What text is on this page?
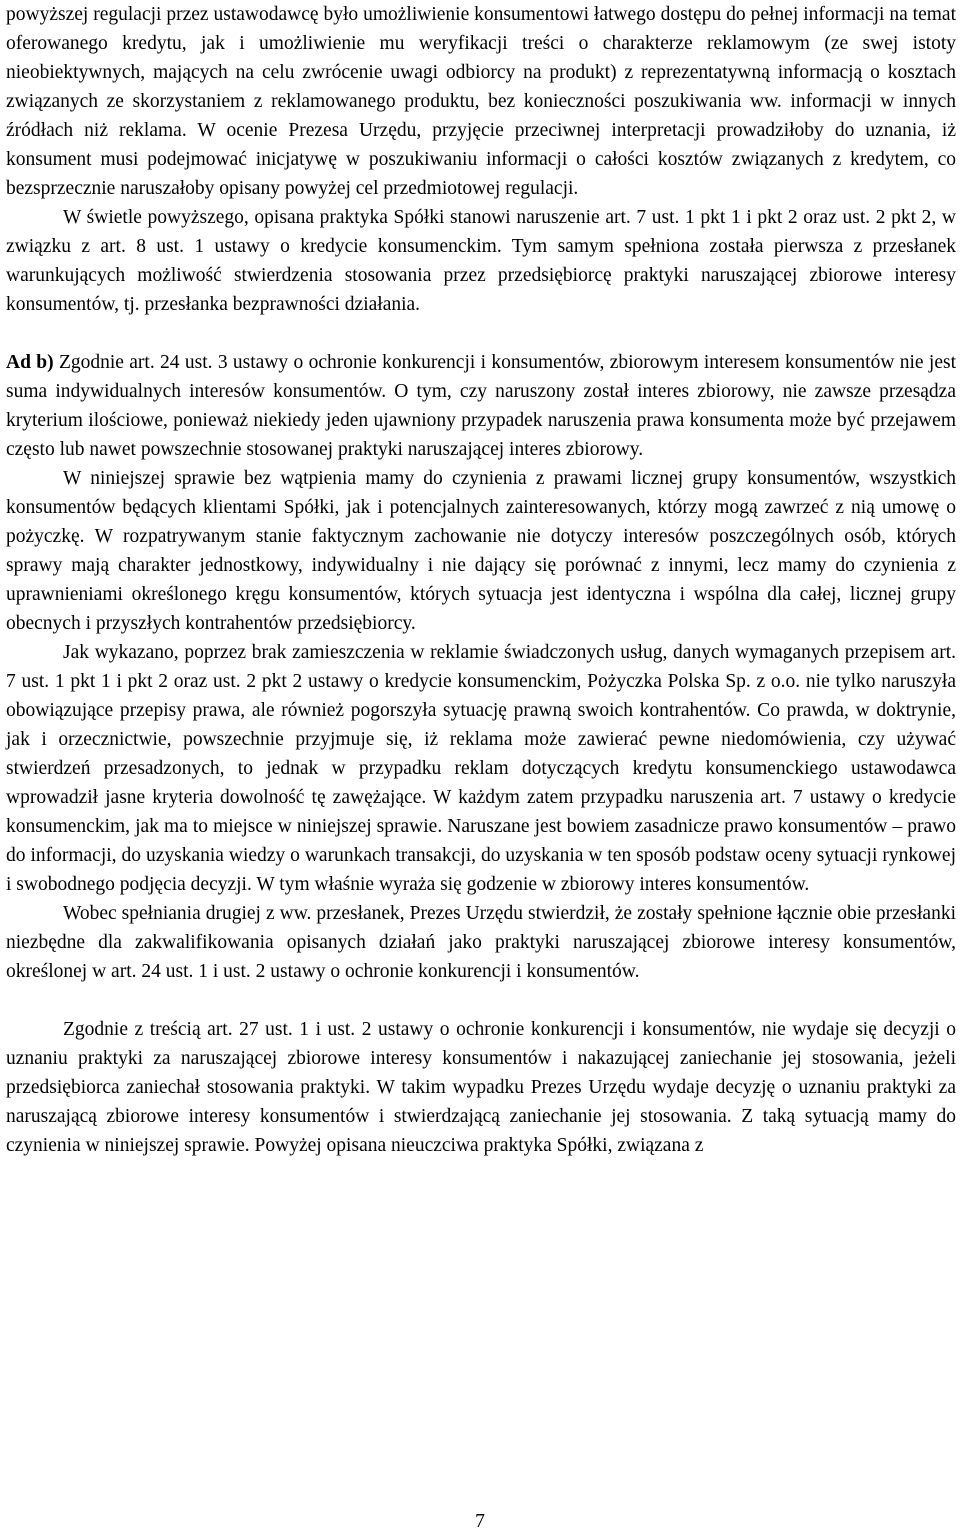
powyższej regulacji przez ustawodawcę było umożliwienie konsumentowi łatwego dostępu do pełnej informacji na temat oferowanego kredytu, jak i umożliwienie mu weryfikacji treści o charakterze reklamowym (ze swej istoty nieobiektywnych, mających na celu zwrócenie uwagi odbiorcy na produkt) z reprezentatywną informacją o kosztach związanych ze skorzystaniem z reklamowanego produktu, bez konieczności poszukiwania ww. informacji w innych źródłach niż reklama. W ocenie Prezesa Urzędu, przyjęcie przeciwnej interpretacji prowadziłoby do uznania, iż konsument musi podejmować inicjatywę w poszukiwaniu informacji o całości kosztów związanych z kredytem, co bezsprzecznie naruszałoby opisany powyżej cel przedmiotowej regulacji.

W świetle powyższego, opisana praktyka Spółki stanowi naruszenie art. 7 ust. 1 pkt 1 i pkt 2 oraz ust. 2 pkt 2, w związku z art. 8 ust. 1 ustawy o kredycie konsumenckim. Tym samym spełniona została pierwsza z przesłanek warunkujących możliwość stwierdzenia stosowania przez przedsiębiorcę praktyki naruszającej zbiorowe interesy konsumentów, tj. przesłanka bezprawności działania.

Ad b) Zgodnie art. 24 ust. 3 ustawy o ochronie konkurencji i konsumentów, zbiorowym interesem konsumentów nie jest suma indywidualnych interesów konsumentów. O tym, czy naruszony został interes zbiorowy, nie zawsze przesądza kryterium ilościowe, ponieważ niekiedy jeden ujawniony przypadek naruszenia prawa konsumenta może być przejawem często lub nawet powszechnie stosowanej praktyki naruszającej interes zbiorowy.

W niniejszej sprawie bez wątpienia mamy do czynienia z prawami licznej grupy konsumentów, wszystkich konsumentów będących klientami Spółki, jak i potencjalnych zainteresowanych, którzy mogą zawrzeć z nią umowę o pożyczkę. W rozpatrywanym stanie faktycznym zachowanie nie dotyczy interesów poszczególnych osób, których sprawy mają charakter jednostkowy, indywidualny i nie dający się porównać z innymi, lecz mamy do czynienia z uprawnieniami określonego kręgu konsumentów, których sytuacja jest identyczna i wspólna dla całej, licznej grupy obecnych i przyszłych kontrahentów przedsiębiorcy.

Jak wykazano, poprzez brak zamieszczenia w reklamie świadczonych usług, danych wymaganych przepisem art. 7 ust. 1 pkt 1 i pkt 2 oraz ust. 2 pkt 2 ustawy o kredycie konsumenckim, Pożyczka Polska Sp. z o.o. nie tylko naruszyła obowiązujące przepisy prawa, ale również pogorszyła sytuację prawną swoich kontrahentów. Co prawda, w doktrynie, jak i orzecznictwie, powszechnie przyjmuje się, iż reklama może zawierać pewne niedomówienia, czy używać stwierdzeń przesadzonych, to jednak w przypadku reklam dotyczących kredytu konsumenckiego ustawodawca wprowadził jasne kryteria dowolność tę zawężające. W każdym zatem przypadku naruszenia art. 7 ustawy o kredycie konsumenckim, jak ma to miejsce w niniejszej sprawie. Naruszane jest bowiem zasadnicze prawo konsumentów – prawo do informacji, do uzyskania wiedzy o warunkach transakcji, do uzyskania w ten sposób podstaw oceny sytuacji rynkowej i swobodnego podjęcia decyzji. W tym właśnie wyraża się godzenie w zbiorowy interes konsumentów.

Wobec spełniania drugiej z ww. przesłanek, Prezes Urzędu stwierdził, że zostały spełnione łącznie obie przesłanki niezbędne dla zakwalifikowania opisanych działań jako praktyki naruszającej zbiorowe interesy konsumentów, określonej w art. 24 ust. 1 i ust. 2 ustawy o ochronie konkurencji i konsumentów.

Zgodnie z treścią art. 27 ust. 1 i ust. 2 ustawy o ochronie konkurencji i konsumentów, nie wydaje się decyzji o uznaniu praktyki za naruszającej zbiorowe interesy konsumentów i nakazującej zaniechanie jej stosowania, jeżeli przedsiębiorca zaniechał stosowania praktyki. W takim wypadku Prezes Urzędu wydaje decyzję o uznaniu praktyki za naruszającą zbiorowe interesy konsumentów i stwierdzającą zaniechanie jej stosowania. Z taką sytuacją mamy do czynienia w niniejszej sprawie. Powyżej opisana nieuczciwa praktyka Spółki, związana z

7
